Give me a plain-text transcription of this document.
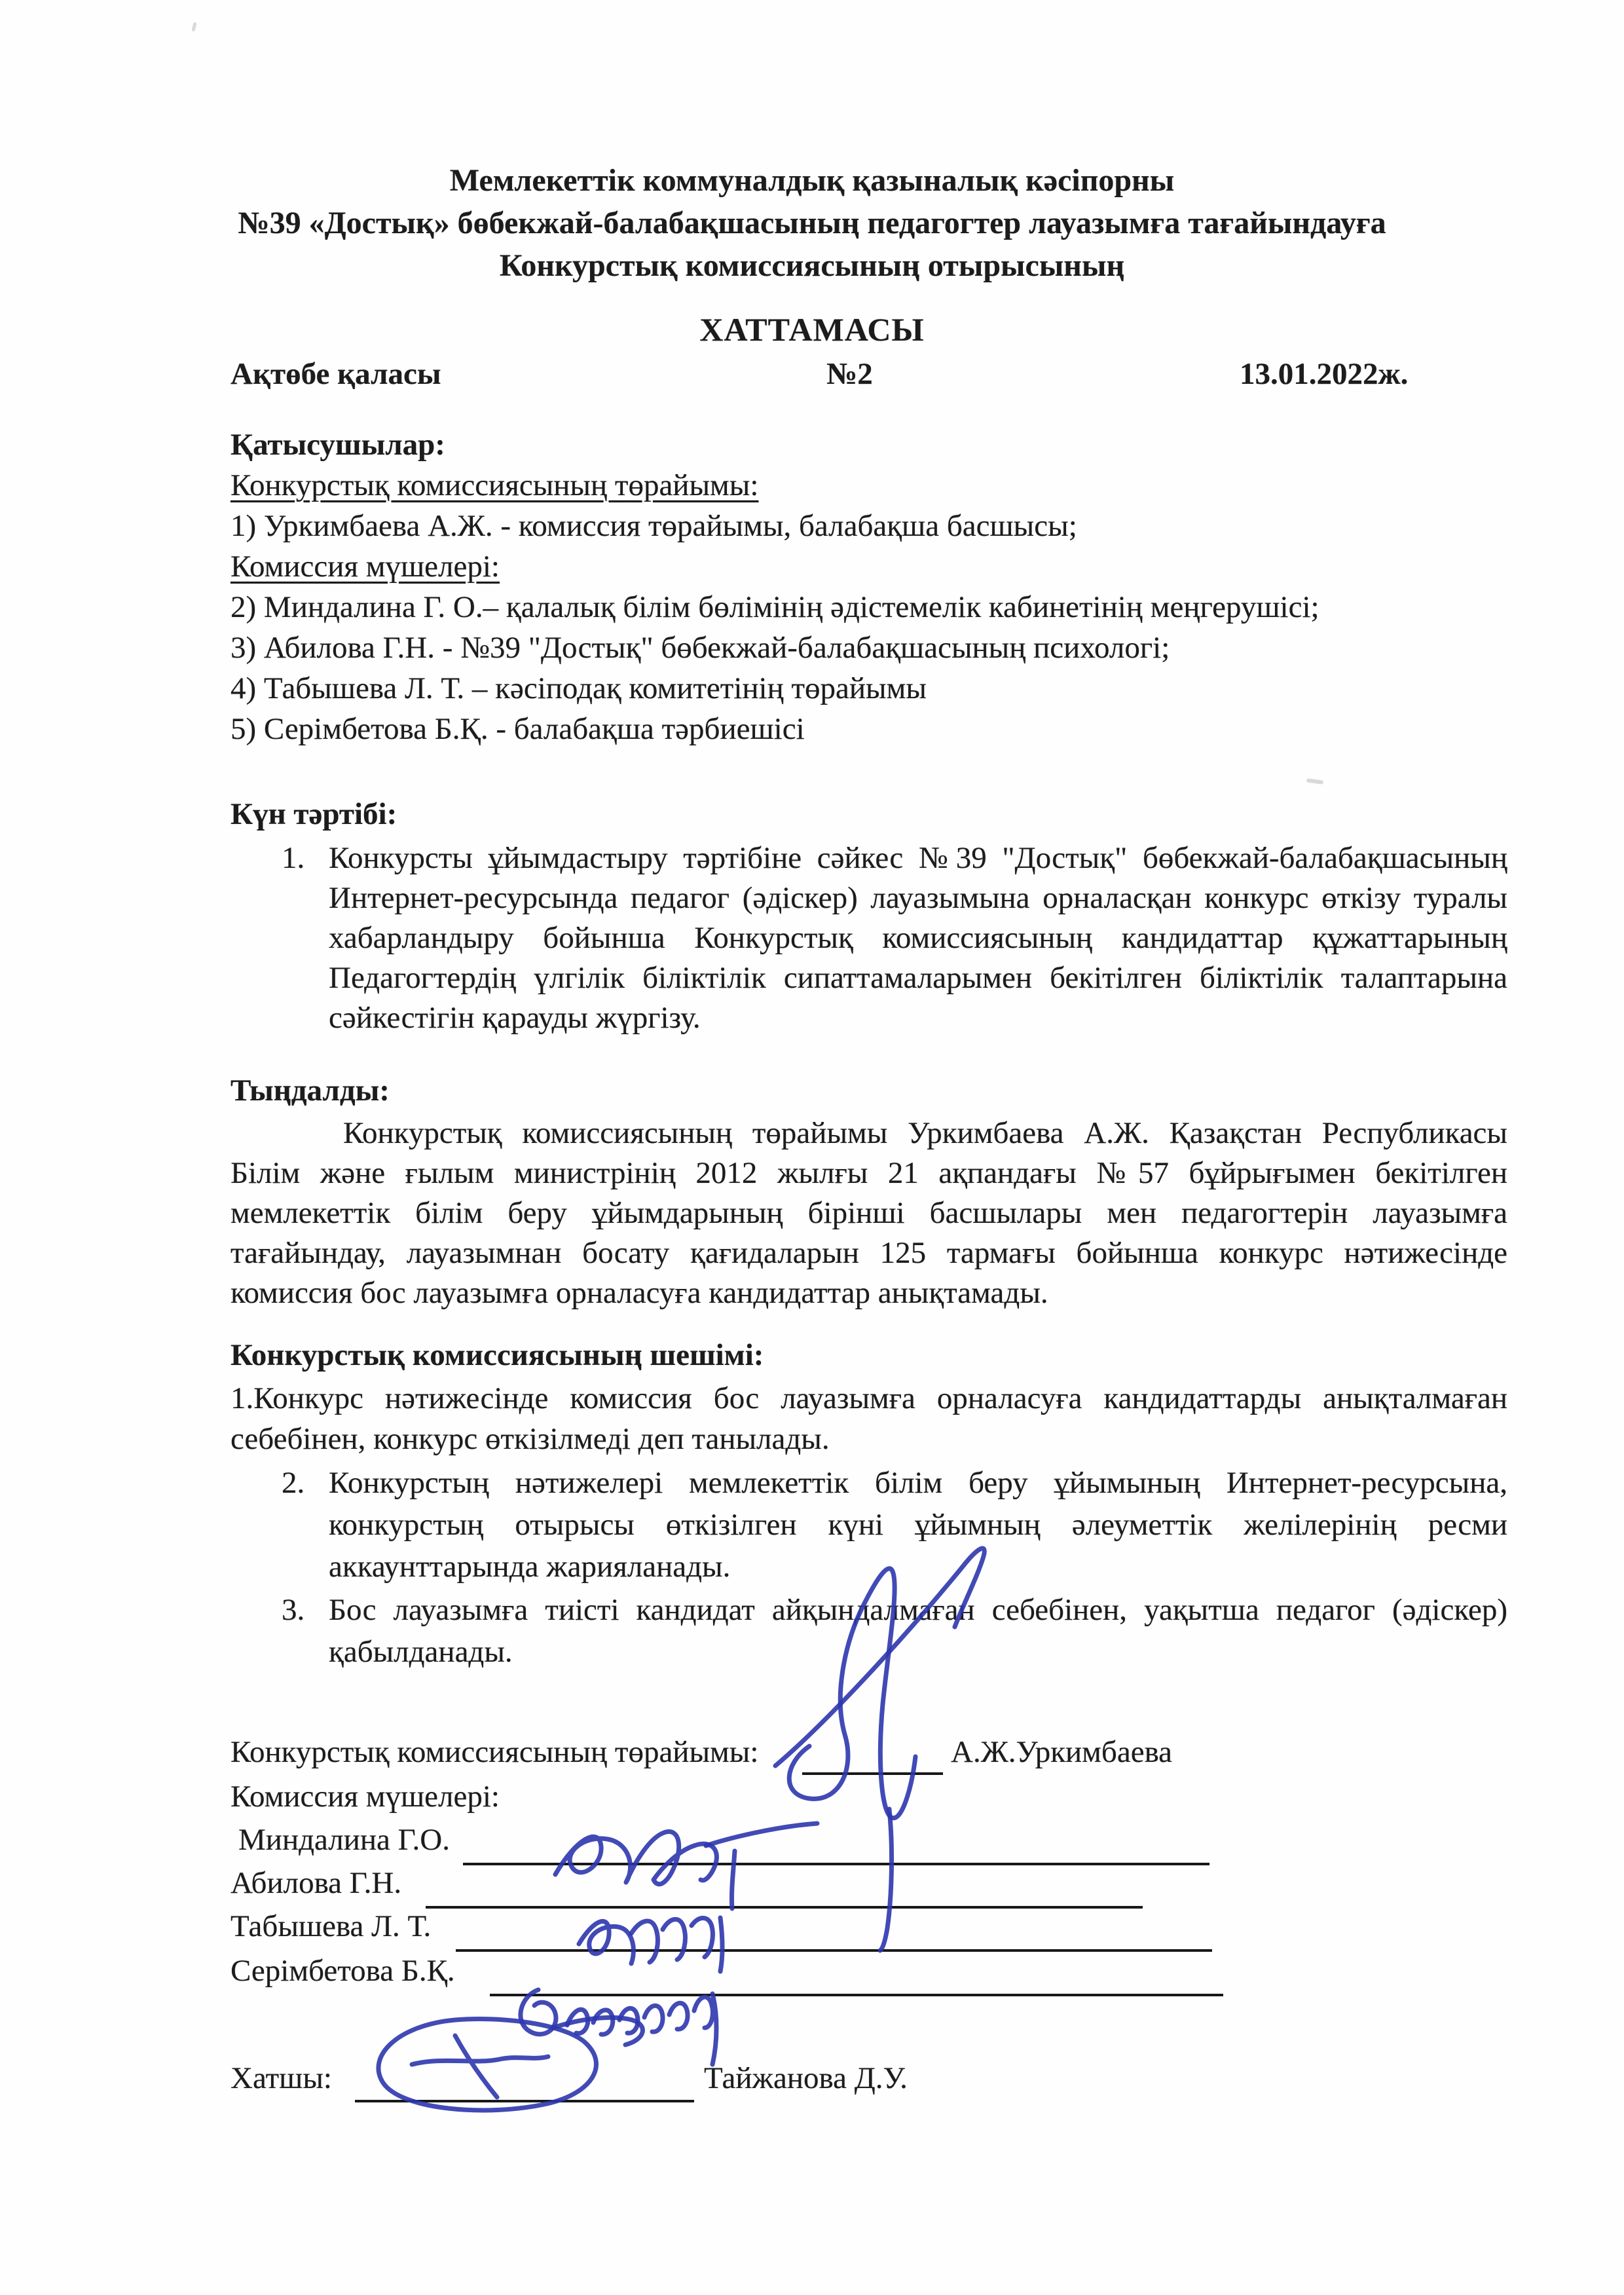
Мемлекеттік коммуналдық қазыналық кәсіпорны
№39 «Достық» бөбекжай-балабақшасының педагогтер лауазымға тағайындауға
Конкурстық комиссиясының отырысының
ХАТТАМАСЫ
Ақтөбе қаласы	№2	13.01.2022ж.
Қатысушылар:
Конкурстық комиссиясының төрайымы:
1) Уркимбаева А.Ж. - комиссия төрайымы, балабақша басшысы;
Комиссия мүшелері:
2) Миндалина Г. О.– қалалық білім бөлімінің әдістемелік кабинетінің меңгерушісі;
3) Абилова Г.Н. - №39 "Достық" бөбекжай-балабақшасының психологі;
4) Табышева Л. Т. – кәсіподақ комитетінің төрайымы
5) Серімбетова Б.Қ. - балабақша тәрбиешісі
Күн тәртібі:
1. Конкурсты ұйымдастыру тәртібіне сәйкес №39 "Достық" бөбекжай-балабақшасының Интернет-ресурсында педагог (әдіскер) лауазымына орналасқан конкурс өткізу туралы хабарландыру бойынша Конкурстық комиссиясының кандидаттар құжаттарының Педагогтердің үлгілік біліктілік сипаттамаларымен бекітілген біліктілік талаптарына сәйкестігін қарауды жүргізу.
Тыңдалды:
Конкурстық комиссиясының төрайымы Уркимбаева А.Ж. Қазақстан Республикасы Білім және ғылым министрінің 2012 жылғы 21 ақпандағы №57 бұйрығымен бекітілген мемлекеттік білім беру ұйымдарының бірінші басшылары мен педагогтерін лауазымға тағайындау, лауазымнан босату қағидаларын 125 тармағы бойынша конкурс нәтижесінде комиссия бос лауазымға орналасуға кандидаттар анықтамады.
Конкурстық комиссиясының шешімі:
1.Конкурс нәтижесінде комиссия бос лауазымға орналасуға кандидаттарды анықталмаған себебінен, конкурс өткізілмеді деп танылады.
2. Конкурстың нәтижелері мемлекеттік білім беру ұйымының Интернет-ресурсына, конкурстың отырысы өткізілген күні ұйымның әлеуметтік желілерінің ресми аккаунттарында жарияланады.
3. Бос лауазымға тиісті кандидат айқындалмаған себебінен, уақытша педагог (әдіскер) қабылданады.
Конкурстық комиссиясының төрайымы:	А.Ж.Уркимбаева
Комиссия мүшелері:
Миндалина Г.О.
Абилова Г.Н.
Табышева Л. Т.
Серімбетова Б.Қ.
Хатшы:	Тайжанова Д.У.
